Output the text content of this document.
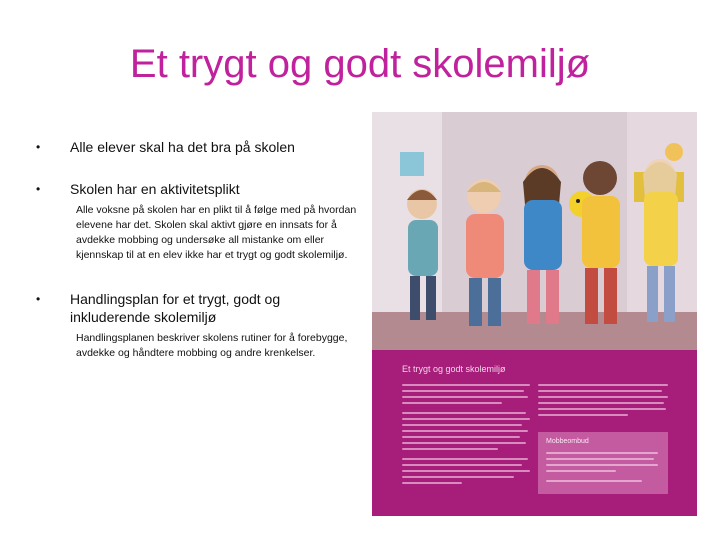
Et trygt og godt skolemiljø
•	Alle elever skal ha det bra på skolen
•	Skolen har en aktivitetsplikt
Alle voksne på skolen har en plikt til å følge med på hvordan elevene har det. Skolen skal aktivt gjøre en innsats for å avdekke mobbing og undersøke all mistanke om eller kjennskap til at en elev ikke har et trygt og godt skolemiljø.
•	Handlingsplan for et trygt, godt og inkluderende skolemiljø
Handlingsplanen beskriver skolens rutiner for å forebygge, avdekke og håndtere mobbing og andre krenkelser.
Et trygt og godt skolemiljø
Mobbeombud
